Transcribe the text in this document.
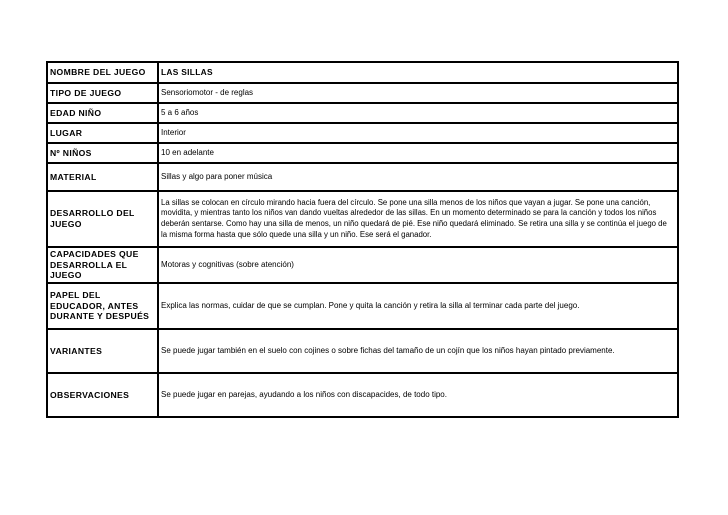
NOMBRE DEL JUEGO	LAS SILLAS
TIPO DE JUEGO	Sensoriomotor - de reglas
EDAD NIÑO	5 a 6 años
LUGAR	Interior
Nº NIÑOS	10 en adelante
MATERIAL	Sillas y algo para poner música
DESARROLLO DEL JUEGO	La sillas se colocan en círculo mirando hacia fuera del círculo. Se pone una silla menos de los niños que vayan a jugar. Se pone una canción, movidita, y mientras tanto los niños van dando vueltas alrededor de las sillas. En un momento determinado se para la canción y todos los niños deberán sentarse. Como hay una silla de menos, un niño quedará de pié. Ese niño quedará eliminado. Se retira una silla y se continúa el juego de la misma forma hasta que sólo quede una silla y un niño. Ese será el ganador.
CAPACIDADES QUE DESARROLLA EL JUEGO	Motoras y cognitivas (sobre atención)
PAPEL DEL EDUCADOR, ANTES DURANTE Y DESPUÉS	Explica las normas, cuidar de que se cumplan. Pone y quita la canción y retira la silla al terminar cada parte del juego.
VARIANTES	Se puede jugar también en el suelo con cojines o sobre fichas del tamaño de un cojín que los niños hayan pintado previamente.
OBSERVACIONES	Se puede jugar en parejas, ayudando a los niños con discapacides, de todo tipo.
